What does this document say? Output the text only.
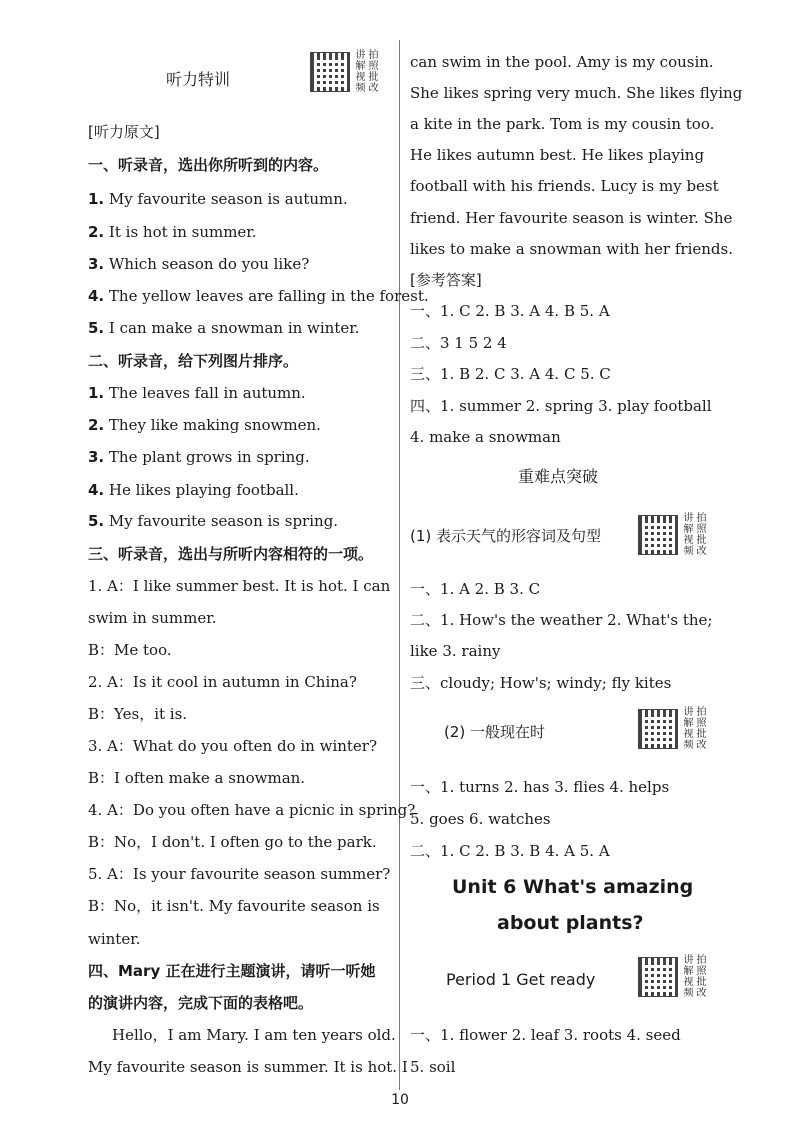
听力特训
讲 拍
解 照
视 批
频 改
[听力原文]
一、听录音，选出你所听到的内容。
1. My favourite season is autumn.
2. It is hot in summer.
3. Which season do you like?
4. The yellow leaves are falling in the forest.
5. I can make a snowman in winter.
二、听录音，给下列图片排序。
1. The leaves fall in autumn.
2. They like making snowmen.
3. The plant grows in spring.
4. He likes playing football.
5. My favourite season is spring.
三、听录音，选出与所听内容相符的一项。
1. A：I like summer best. It is hot. I can
swim in summer.
B：Me too.
2. A：Is it cool in autumn in China?
B：Yes，it is.
3. A：What do you often do in winter?
B：I often make a snowman.
4. A：Do you often have a picnic in spring?
B：No，I don't. I often go to the park.
5. A：Is your favourite season summer?
B：No，it isn't. My favourite season is
winter.
四、Mary 正在进行主题演讲，请听一听她
的演讲内容，完成下面的表格吧。
Hello，I am Mary. I am ten years old.
My favourite season is summer. It is hot. I
can swim in the pool. Amy is my cousin.
She likes spring very much. She likes flying
a kite in the park. Tom is my cousin too.
He likes autumn best. He likes playing
football with his friends. Lucy is my best
friend. Her favourite season is winter. She
likes to make a snowman with her friends.
[参考答案]
一、1. C 2. B 3. A 4. B 5. A
二、3 1 5 2 4
三、1. B 2. C 3. A 4. C 5. C
四、1. summer 2. spring 3. play football
4. make a snowman
重难点突破
(1) 表示天气的形容词及句型
讲 拍
解 照
视 批
频 改
一、1. A 2. B 3. C
二、1. How's the weather 2. What's the;
like 3. rainy
三、cloudy; How's; windy; fly kites
(2) 一般现在时
讲 拍
解 照
视 批
频 改
一、1. turns 2. has 3. flies 4. helps
5. goes 6. watches
二、1. C 2. B 3. B 4. A 5. A
Unit 6 What's amazing
about plants?
Period 1 Get ready
讲 拍
解 照
视 批
频 改
一、1. flower 2. leaf 3. roots 4. seed
5. soil
10
